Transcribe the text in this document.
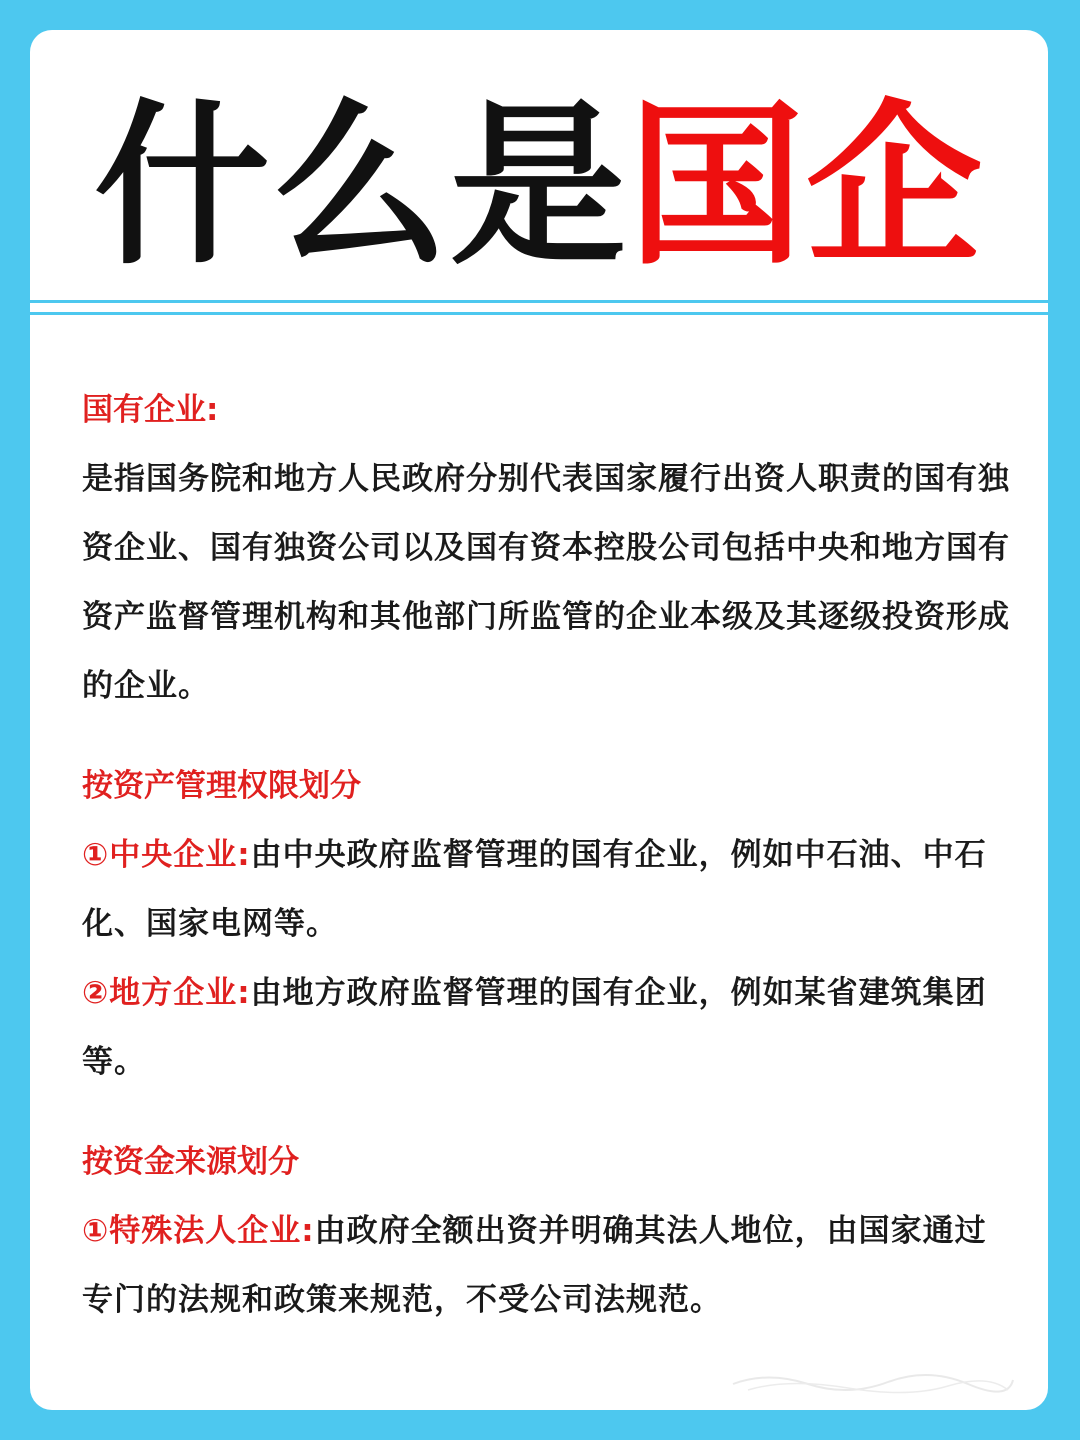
什么是国企
国有企业:
是指国务院和地方人民政府分别代表国家履行出资人职责的国有独资企业、国有独资公司以及国有资本控股公司包括中央和地方国有资产监督管理机构和其他部门所监管的企业本级及其逐级投资形成的企业。
按资产管理权限划分
①中央企业:由中央政府监督管理的国有企业，例如中石油、中石化、国家电网等。
②地方企业:由地方政府监督管理的国有企业，例如某省建筑集团等。
按资金来源划分
①特殊法人企业:由政府全额出资并明确其法人地位，由国家通过专门的法规和政策来规范，不受公司法规范。
